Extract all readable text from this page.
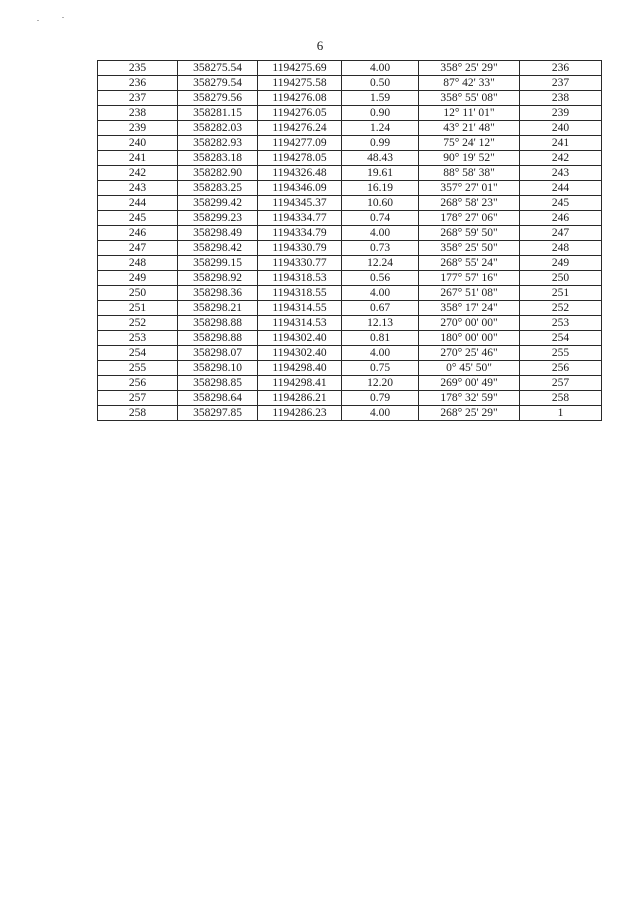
6
235	358275.54	1194275.69	4.00	358° 25' 29"	236
236	358279.54	1194275.58	0.50	87° 42' 33"	237
237	358279.56	1194276.08	1.59	358° 55' 08"	238
238	358281.15	1194276.05	0.90	12° 11' 01"	239
239	358282.03	1194276.24	1.24	43° 21' 48"	240
240	358282.93	1194277.09	0.99	75° 24' 12"	241
241	358283.18	1194278.05	48.43	90° 19' 52"	242
242	358282.90	1194326.48	19.61	88° 58' 38"	243
243	358283.25	1194346.09	16.19	357° 27' 01"	244
244	358299.42	1194345.37	10.60	268° 58' 23"	245
245	358299.23	1194334.77	0.74	178° 27' 06"	246
246	358298.49	1194334.79	4.00	268° 59' 50"	247
247	358298.42	1194330.79	0.73	358° 25' 50"	248
248	358299.15	1194330.77	12.24	268° 55' 24"	249
249	358298.92	1194318.53	0.56	177° 57' 16"	250
250	358298.36	1194318.55	4.00	267° 51' 08"	251
251	358298.21	1194314.55	0.67	358° 17' 24"	252
252	358298.88	1194314.53	12.13	270° 00' 00"	253
253	358298.88	1194302.40	0.81	180° 00' 00"	254
254	358298.07	1194302.40	4.00	270° 25' 46"	255
255	358298.10	1194298.40	0.75	0° 45' 50"	256
256	358298.85	1194298.41	12.20	269° 00' 49"	257
257	358298.64	1194286.21	0.79	178° 32' 59"	258
258	358297.85	1194286.23	4.00	268° 25' 29"	1
